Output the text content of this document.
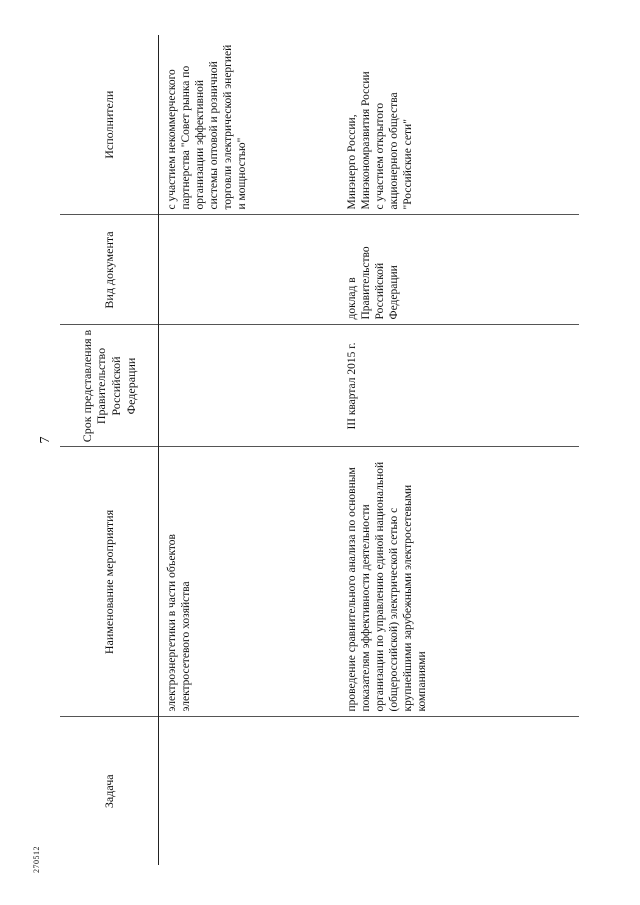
270512
7
Задача	Наименование мероприятия	Срок представления в Правительство Российской Федерации	Вид документа	Исполнители
	электроэнергетики в части объектов электросетевого хозяйства			с участием некоммерческого партнерства "Совет рынка по организации эффективной системы оптовой и розничной торговли электрической энергией и мощностью"
	проведение сравнительного анализа по основным показателям эффективности деятельности организации по управлению единой национальной (общероссийской) электрической сетью с крупнейшими зарубежными электросетевыми компаниями	III квартал 2015 г.	доклад в Правительство Российской Федерации	Минэнерго России, Минэкономразвития России с участием открытого акционерного общества "Российские сети"
